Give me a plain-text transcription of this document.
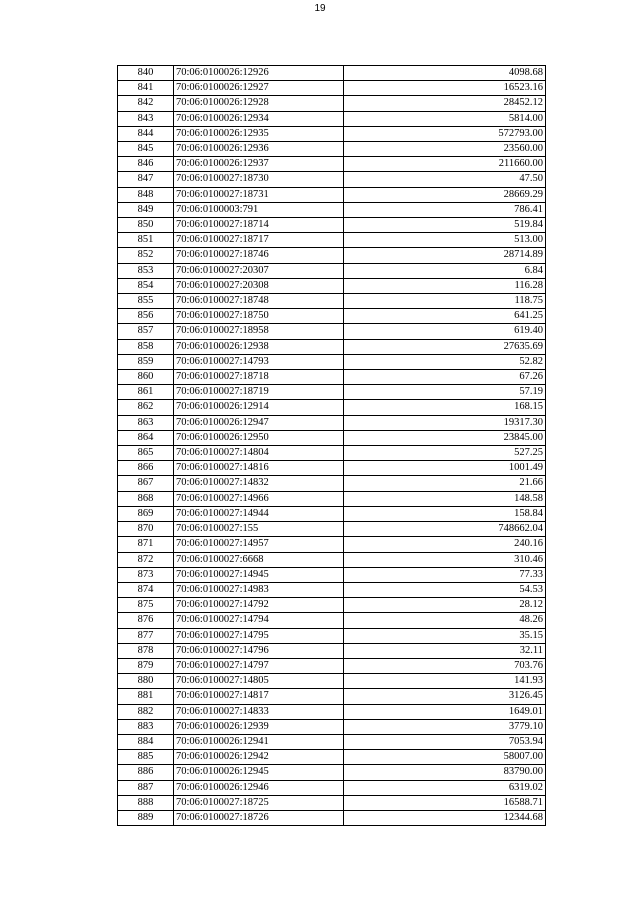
19
840	70:06:0100026:12926	4098.68
841	70:06:0100026:12927	16523.16
842	70:06:0100026:12928	28452.12
843	70:06:0100026:12934	5814.00
844	70:06:0100026:12935	572793.00
845	70:06:0100026:12936	23560.00
846	70:06:0100026:12937	211660.00
847	70:06:0100027:18730	47.50
848	70:06:0100027:18731	28669.29
849	70:06:0100003:791	786.41
850	70:06:0100027:18714	519.84
851	70:06:0100027:18717	513.00
852	70:06:0100027:18746	28714.89
853	70:06:0100027:20307	6.84
854	70:06:0100027:20308	116.28
855	70:06:0100027:18748	118.75
856	70:06:0100027:18750	641.25
857	70:06:0100027:18958	619.40
858	70:06:0100026:12938	27635.69
859	70:06:0100027:14793	52.82
860	70:06:0100027:18718	67.26
861	70:06:0100027:18719	57.19
862	70:06:0100026:12914	168.15
863	70:06:0100026:12947	19317.30
864	70:06:0100026:12950	23845.00
865	70:06:0100027:14804	527.25
866	70:06:0100027:14816	1001.49
867	70:06:0100027:14832	21.66
868	70:06:0100027:14966	148.58
869	70:06:0100027:14944	158.84
870	70:06:0100027:155	748662.04
871	70:06:0100027:14957	240.16
872	70:06:0100027:6668	310.46
873	70:06:0100027:14945	77.33
874	70:06:0100027:14983	54.53
875	70:06:0100027:14792	28.12
876	70:06:0100027:14794	48.26
877	70:06:0100027:14795	35.15
878	70:06:0100027:14796	32.11
879	70:06:0100027:14797	703.76
880	70:06:0100027:14805	141.93
881	70:06:0100027:14817	3126.45
882	70:06:0100027:14833	1649.01
883	70:06:0100026:12939	3779.10
884	70:06:0100026:12941	7053.94
885	70:06:0100026:12942	58007.00
886	70:06:0100026:12945	83790.00
887	70:06:0100026:12946	6319.02
888	70:06:0100027:18725	16588.71
889	70:06:0100027:18726	12344.68
